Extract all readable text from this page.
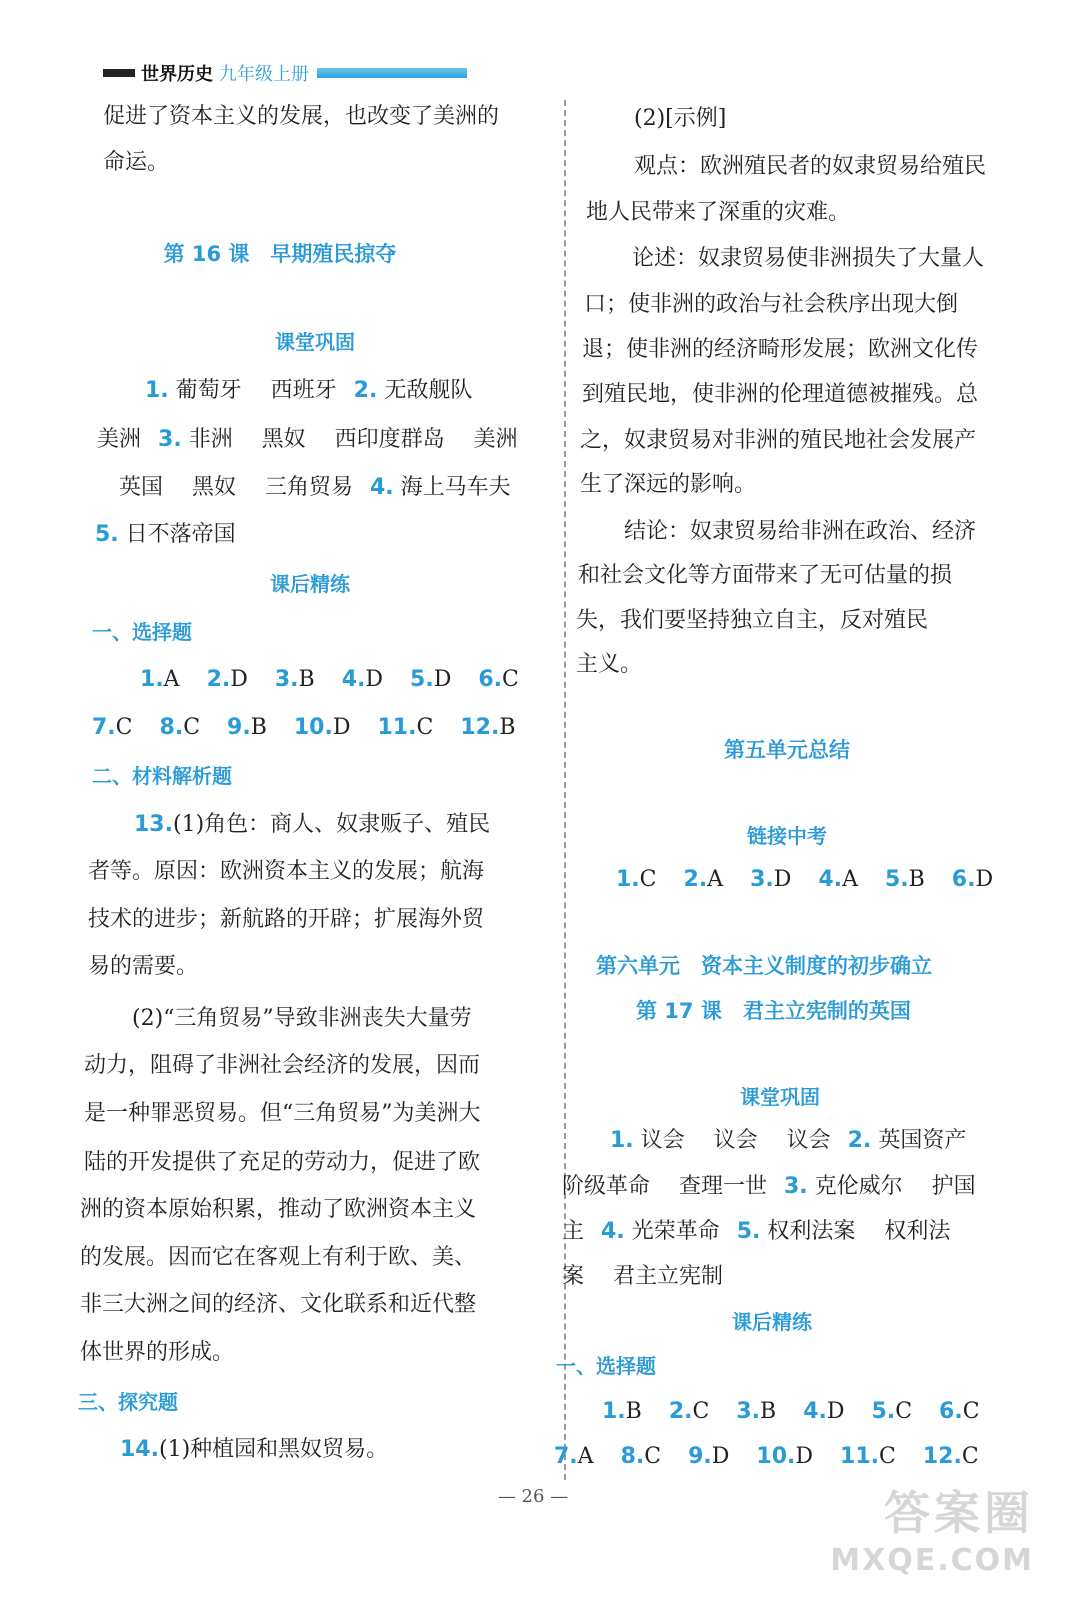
世界历史 九年级上册
促进了资本主义的发展，也改变了美洲的
命运。
第 16 课　早期殖民掠夺
课堂巩固
1. 葡萄牙　 西班牙 2. 无敌舰队
美洲 3. 非洲　 黑奴　 西印度群岛　 美洲
英国　 黑奴　 三角贸易 4. 海上马车夫
5. 日不落帝国
课后精练
一、选择题
1.A 2.D 3.B 4.D 5.D 6.C
7.C 8.C 9.B 10.D 11.C 12.B
二、材料解析题
13.(1)角色：商人、奴隶贩子、殖民
者等。原因：欧洲资本主义的发展；航海
技术的进步；新航路的开辟；扩展海外贸
易的需要。
(2)“三角贸易”导致非洲丧失大量劳
动力，阻碍了非洲社会经济的发展，因而
是一种罪恶贸易。但“三角贸易”为美洲大
陆的开发提供了充足的劳动力，促进了欧
洲的资本原始积累，推动了欧洲资本主义
的发展。因而它在客观上有利于欧、美、
非三大洲之间的经济、文化联系和近代整
体世界的形成。
三、探究题
14.(1)种植园和黑奴贸易。
(2)[示例]
观点：欧洲殖民者的奴隶贸易给殖民
地人民带来了深重的灾难。
论述：奴隶贸易使非洲损失了大量人
口；使非洲的政治与社会秩序出现大倒
退；使非洲的经济畸形发展；欧洲文化传
到殖民地，使非洲的伦理道德被摧残。总
之，奴隶贸易对非洲的殖民地社会发展产
生了深远的影响。
结论：奴隶贸易给非洲在政治、经济
和社会文化等方面带来了无可估量的损
失，我们要坚持独立自主，反对殖民
主义。
第五单元总结
链接中考
1.C 2.A 3.D 4.A 5.B 6.D
第六单元　资本主义制度的初步确立
第 17 课　君主立宪制的英国
课堂巩固
1. 议会　 议会　 议会 2. 英国资产
阶级革命　 查理一世 3. 克伦威尔　 护国
主 4. 光荣革命 5. 权利法案　 权利法
案　 君主立宪制
课后精练
一、选择题
1.B 2.C 3.B 4.D 5.C 6.C
7.A 8.C 9.D 10.D 11.C 12.C
— 26 —	答案圈
MXQE.COM
